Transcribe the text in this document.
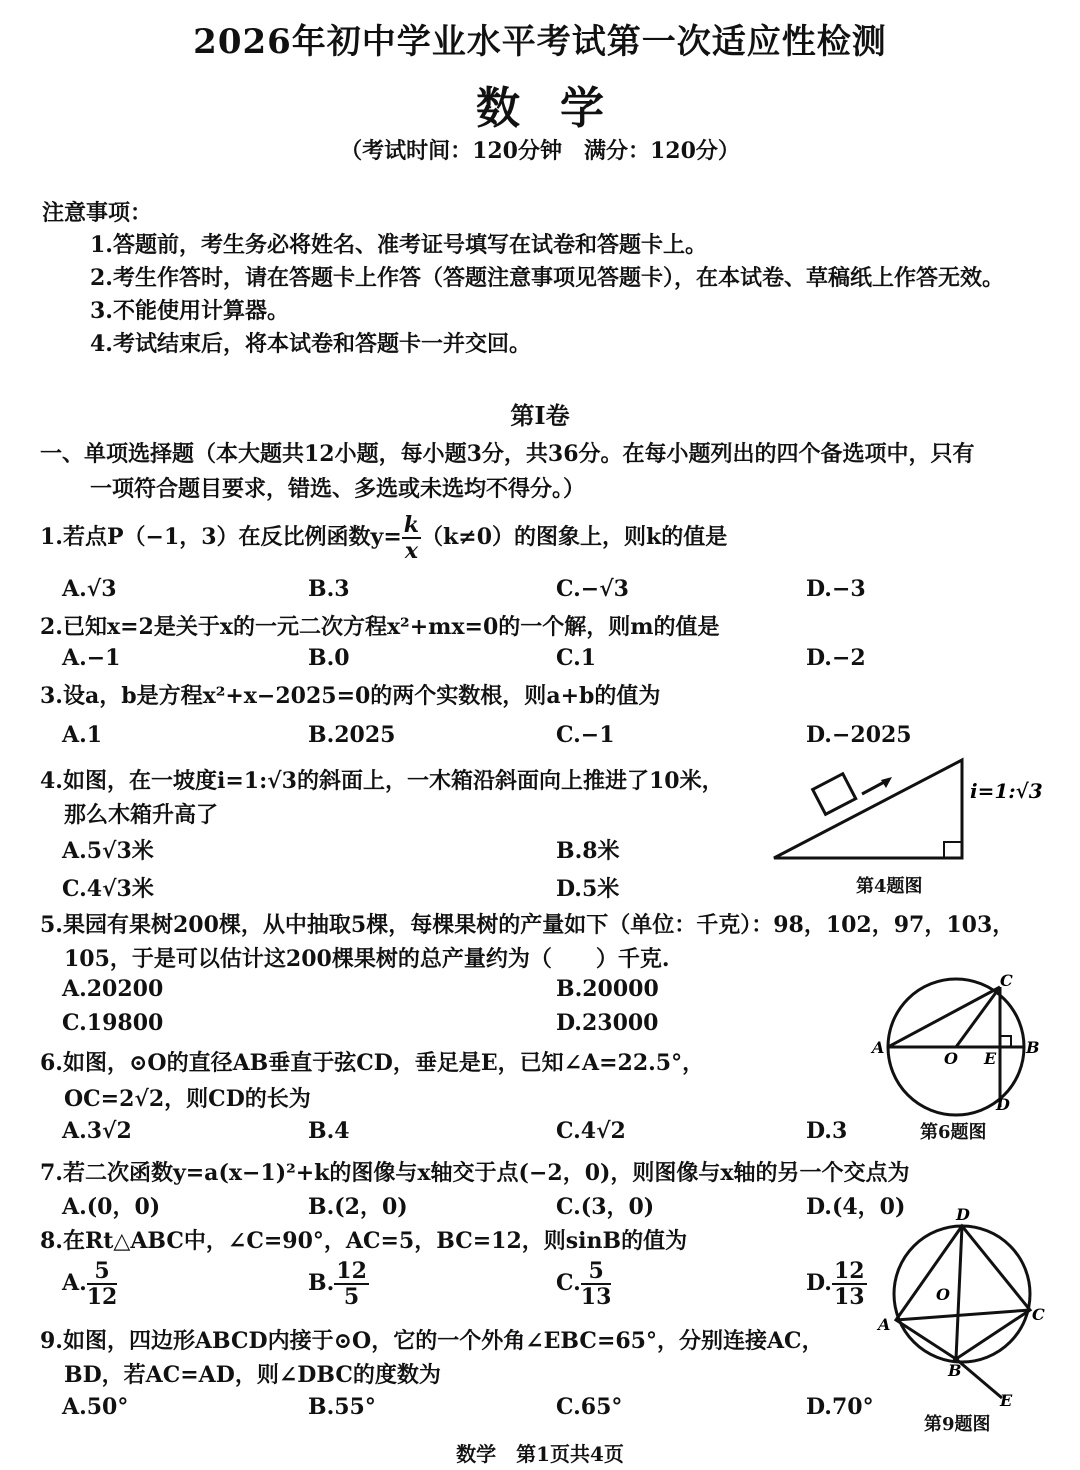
2026年初中学业水平考试第一次适应性检测
数学
（考试时间：120分钟　满分：120分）
注意事项：
1.答题前，考生务必将姓名、准考证号填写在试卷和答题卡上。
2.考生作答时，请在答题卡上作答（答题注意事项见答题卡），在本试卷、草稿纸上作答无效。
3.不能使用计算器。
4.考试结束后，将本试卷和答题卡一并交回。
第Ⅰ卷
一、单项选择题（本大题共12小题，每小题3分，共36分。在每小题列出的四个备选项中，只有
一项符合题目要求，错选、多选或未选均不得分。）
1.若点P（−1，3）在反比例函数$y= \frac{k}{x} (k\ne 0)$的图象上，则k的值是
A.√3	B.3	C.−√3	D.−3
2.已知x=2是关于x的一元二次方程x²+mx=0的一个解，则m的值是
A.−1	B.0	C.1	D.−2
3.设a，b是方程x²+x−2025=0的两个实数根，则a+b的值为
A.1	B.2025	C.−1	D.−2025
4.如图，在一坡度i=1:√3的斜面上，一木箱沿斜面向上推进了10米，
那么木箱升高了
A.5√3米	B.8米
C.4√3米	D.5米
i=1:√3
第4题图
5.果园有果树200棵，从中抽取5棵，每棵果树的产量如下（单位：千克）：98，102，97，103，
105，于是可以估计这200棵果树的总产量约为（　　）千克.
A.20200	B.20000
C.19800	D.23000
6.如图，⊙O的直径AB垂直于弦CD，垂足是E，已知∠A=22.5°，
OC=2√2，则CD的长为
A.3√2	B.4	C.4√2	D.3
A
O E
B
C
D
第6题图
7.若二次函数y=a(x−1)²+k的图像与x轴交于点(−2，0)，则图像与x轴的另一个交点为
A.(0，0)	B.(2，0)	C.(3，0)	D.(4，0)
8.在Rt△ABC中，∠C=90°，AC=5，BC=12，则sinB的值为
A. $\frac{5}{12}$	B. $\frac{12}{5}$	C. $\frac{5}{13}$	D. $\frac{12}{13}$
9.如图，四边形ABCD内接于⊙O，它的一个外角∠EBC=65°，分别连接AC，
BD，若AC=AD，则∠DBC的度数为
A.50°	B.55°	C.65°	D.70°
D
O
A
C
B
E
第9题图
数学　第1页共4页
